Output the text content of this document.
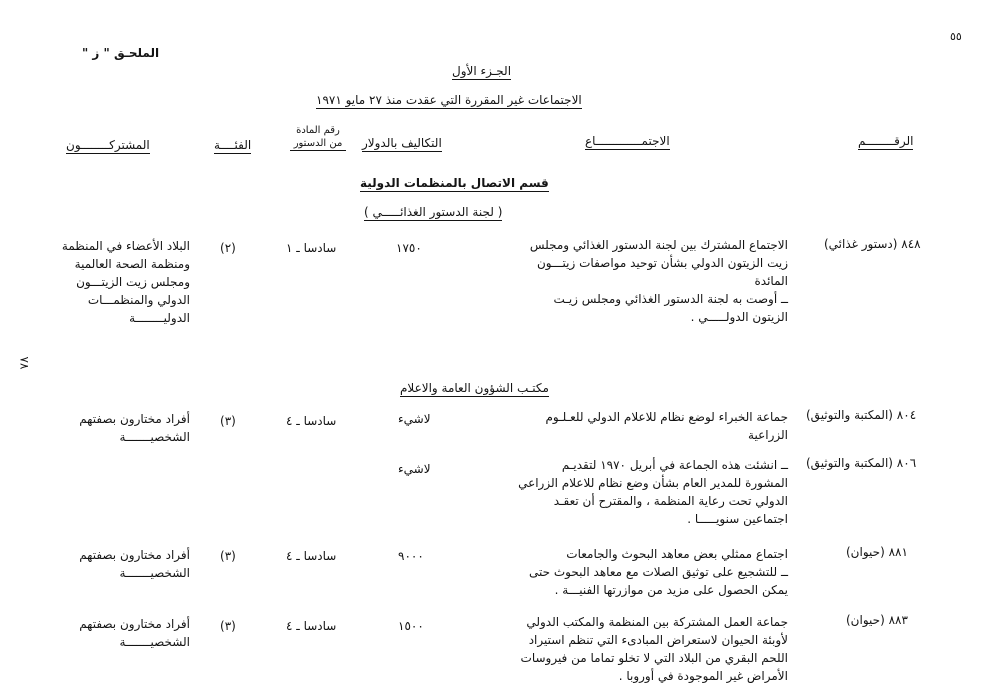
٥٥
الملحـق " ز "
الجـزء الأول
الاجتماعات غير المقررة التي عقدت منذ ٢٧ مايو ١٩٧١
الرقــــــــم
الاجتمـــــــــــــاع
التكاليف بالدولار
رقم المادة من الدستور
الفئــــة
المشتركــــــــون
قسم الاتصال بالمنظمات الدولية
( لجنة الدستور الغذائـــــي )
٧٨
٨٤٨ (دستور غذائي)
الاجتماع المشترك بين لجنة الدستور الغذائي ومجلس
زيت الزيتون الدولي بشأن توحيد مواصفات زيتـــون
المائدة
ــ أوصت به لجنة الدستور الغذائي ومجلس زيـت
الزيتون الدولـــــي .
١٧٥٠
سادسا ـ ١
(٢)
البلاد الأعضاء في المنظمة
ومنظمة الصحة العالمية
ومجلس زيت الزيتـــون
الدولي والمنظمـــات
الدوليــــــــة
مكتـب الشؤون العامة والاعلام
٨٠٤ (المكتبة والتوثيق)
جماعة الخبراء لوضع نظام للاعلام الدولي للعـلـوم
الزراعية
لاشيء
سادسا ـ ٤
(٣)
أفراد مختارون بصفتهم
الشخصيـــــــة
٨٠٦ (المكتبة والتوثيق)
ــ انشئت هذه الجماعة في أبريل ١٩٧٠ لتقديـم
المشورة للمدير العام بشأن وضع نظام للاعلام الزراعي
الدولي تحت رعاية المنظمة ، والمقترح أن تعقـد
اجتماعين سنويـــــا .
لاشيء
٨٨١ (حيوان)
اجتماع ممثلي بعض معاهد البحوث والجامعات
ــ للتشجيع على توثيق الصلات مع معاهد البحوث حتى
يمكن الحصول على مزيد من موازرتها الفنيـــة .
٩٠٠٠
سادسا ـ ٤
(٣)
أفراد مختارون بصفتهم
الشخصيـــــــة
٨٨٣ (حيوان)
جماعة العمل المشتركة بين المنظمة والمكتب الدولي
لأوبئة الحيوان لاستعراض المبادىء التي تنظم استيراد
اللحم البقري من البلاد التي لا تخلو تماما من فيروسات
الأمراض غير الموجودة في أوروبا .
١٥٠٠
سادسا ـ ٤
(٣)
أفراد مختارون بصفتهم
الشخصيـــــــة
